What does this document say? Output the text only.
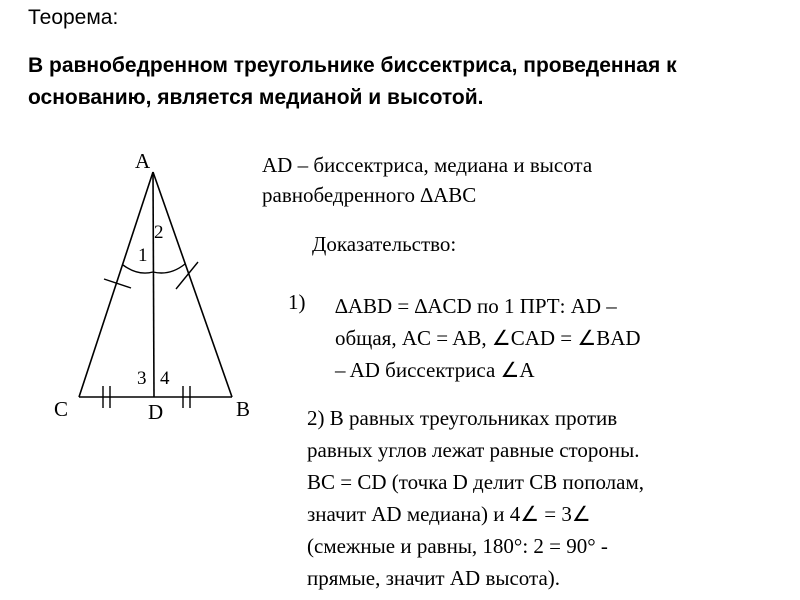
Теорема:
В равнобедренном треугольнике биссектриса, проведенная к
основанию, является медианой и высотой.
A
C	D	B
1
2
3 4
AD – биссектриса, медиана и высота
равнобедренного ∆ABC
Доказательство:
1) ∆ABD = ∆ACD по 1 ПРТ: AD –
общая, AC = AB, ∠CAD = ∠BAD
– AD биссектриса ∠A
2) В равных треугольниках против
равных углов лежат равные стороны.
BC = CD (точка D делит CB пополам,
значит AD медиана) и 4∠ = 3∠
(смежные и равны, 180°: 2 = 90° -
прямые, значит AD высота).
